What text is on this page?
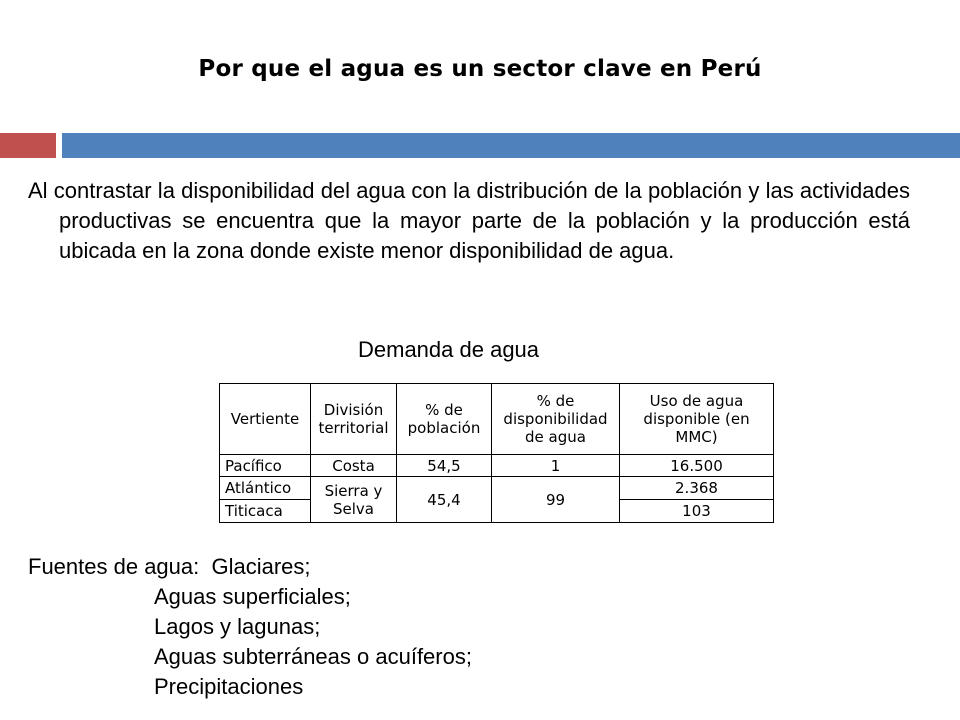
Por que el agua es un sector clave en Perú
Al contrastar la disponibilidad del agua con la distribución de la población y las actividades productivas se encuentra que la mayor parte de la población y la producción está ubicada en la zona donde existe menor disponibilidad de agua.
Demanda de agua
Vertiente	División territorial	% de población	% de disponibilidad de agua	Uso de agua disponible (en MMC)
Pacífico	Costa	54,5	1	16.500
Atlántico	Sierra y Selva	45,4	99	2.368
Titicaca				103
Fuentes de agua: Glaciares;
Aguas superficiales;
Lagos y lagunas;
Aguas subterráneas o acuíferos;
Precipitaciones
